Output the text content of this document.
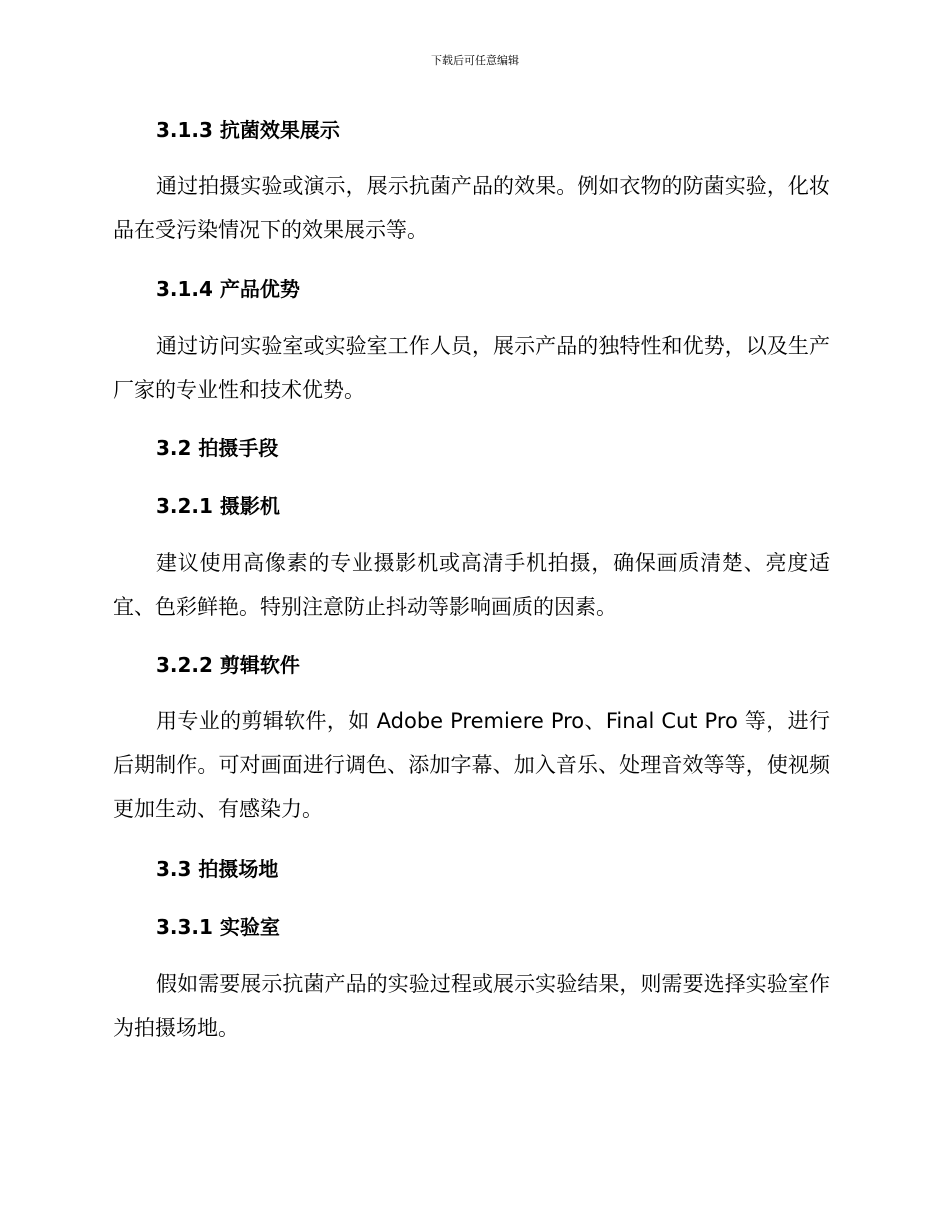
下载后可任意编辑
3.1.3 抗菌效果展示
通过拍摄实验或演示，展示抗菌产品的效果。例如衣物的防菌实验，化妆品在受污染情况下的效果展示等。
3.1.4 产品优势
通过访问实验室或实验室工作人员，展示产品的独特性和优势，以及生产厂家的专业性和技术优势。
3.2 拍摄手段
3.2.1 摄影机
建议使用高像素的专业摄影机或高清手机拍摄，确保画质清楚、亮度适宜、色彩鲜艳。特别注意防止抖动等影响画质的因素。
3.2.2 剪辑软件
用专业的剪辑软件，如 Adobe Premiere Pro、Final Cut Pro 等，进行后期制作。可对画面进行调色、添加字幕、加入音乐、处理音效等等，使视频更加生动、有感染力。
3.3 拍摄场地
3.3.1 实验室
假如需要展示抗菌产品的实验过程或展示实验结果，则需要选择实验室作为拍摄场地。
